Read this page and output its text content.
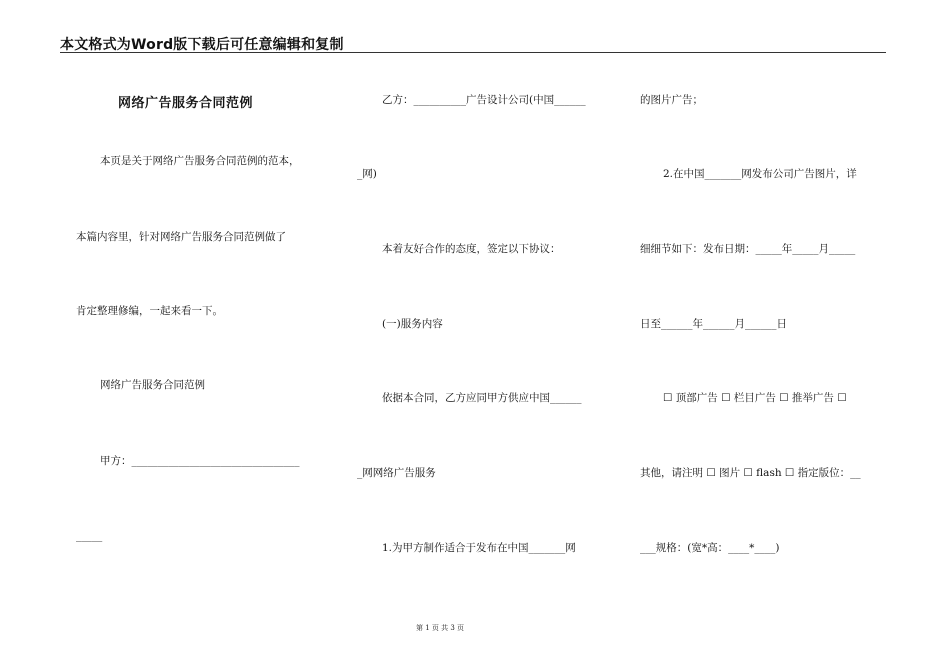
本文格式为Word版下载后可任意编辑和复制
网络广告服务合同范例
本页是关于网络广告服务合同范例的范本，
本篇内容里，针对网络广告服务合同范例做了
肯定整理修编，一起来看一下。
网络广告服务合同范例
甲方：________________________________
_____
乙方：__________广告设计公司(中国______
_网)
本着友好合作的态度，签定以下协议：
(一)服务内容
依据本合同，乙方应同甲方供应中国______
_网网络广告服务
1.为甲方制作适合于发布在中国_______网
的图片广告；
2.在中国_______网发布公司广告图片，详
细细节如下：发布日期：_____年_____月_____
日至______年______月______日
☐ 顶部广告 ☐ 栏目广告 ☐ 推举广告 ☐
其他，请注明 ☐ 图片 ☐ flash ☐ 指定版位：__
___规格：(宽*高：____*____)
第 1 页 共 3 页
